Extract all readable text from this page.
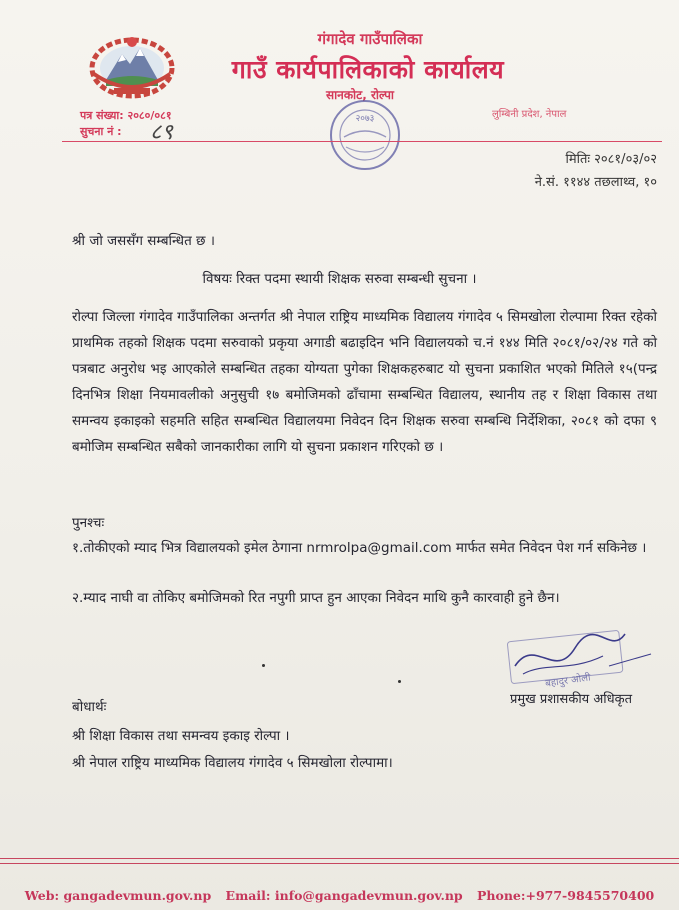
गंगादेव गाउँपालिका
गाउँ कार्यपालिकाको कार्यालय
सानकोट, रोल्पा
लुम्बिनी प्रदेश, नेपाल
पत्र संख्या: २०८०/०८१
सुचना नं : ८९
२०७३
मितिः २०८१/०३/०२
ने.सं. ११४४ तछलाथ्व, १०
श्री जो जससँग सम्बन्धित छ ।
विषयः रिक्त पदमा स्थायी शिक्षक सरुवा सम्बन्धी सुचना ।
रोल्पा जिल्ला गंगादेव गाउँपालिका अन्तर्गत श्री नेपाल राष्ट्रिय माध्यमिक विद्यालय गंगादेव ५ सिमखोला रोल्पामा रिक्त रहेको प्राथमिक तहको शिक्षक पदमा सरुवाको प्रकृया अगाडी बढाइदिन भनि विद्यालयको च.नं १४४ मिति २०८१/०२/२४ गते को पत्रबाट अनुरोध भइ आएकोले सम्बन्धित तहका योग्यता पुगेका शिक्षकहरुबाट यो सुचना प्रकाशित भएको मितिले १५(पन्द्र दिनभित्र शिक्षा नियमावलीको अनुसुची १७ बमोजिमको ढाँचामा सम्बन्धित विद्यालय, स्थानीय तह र शिक्षा विकास तथा समन्वय इकाइको सहमति सहित सम्बन्धित विद्यालयमा निवेदन दिन शिक्षक सरुवा सम्बन्धि निर्देशिका, २०८१ को दफा ९ बमोजिम सम्बन्धित सबैको जानकारीका लागि यो सुचना प्रकाशन गरिएको छ ।
पुनश्चः
१.तोकीएको म्याद भित्र विद्यालयको इमेल ठेगाना nrmrolpa@gmail.com मार्फत समेत निवेदन पेश गर्न सकिनेछ ।
२.म्याद नाघी वा तोकिए बमोजिमको रित नपुगी प्राप्त हुन आएका निवेदन माथि कुनै कारवाही हुने छैन।
बहादुर ओली
प्रमुख प्रशासकीय अधिकृत
बोधार्थः
श्री शिक्षा विकास तथा समन्वय इकाइ रोल्पा ।
श्री नेपाल राष्ट्रिय माध्यमिक विद्यालय गंगादेव ५ सिमखोला रोल्पामा।
Web: gangadevmun.gov.np Email: info@gangadevmun.gov.np Phone:+977-9845570400
